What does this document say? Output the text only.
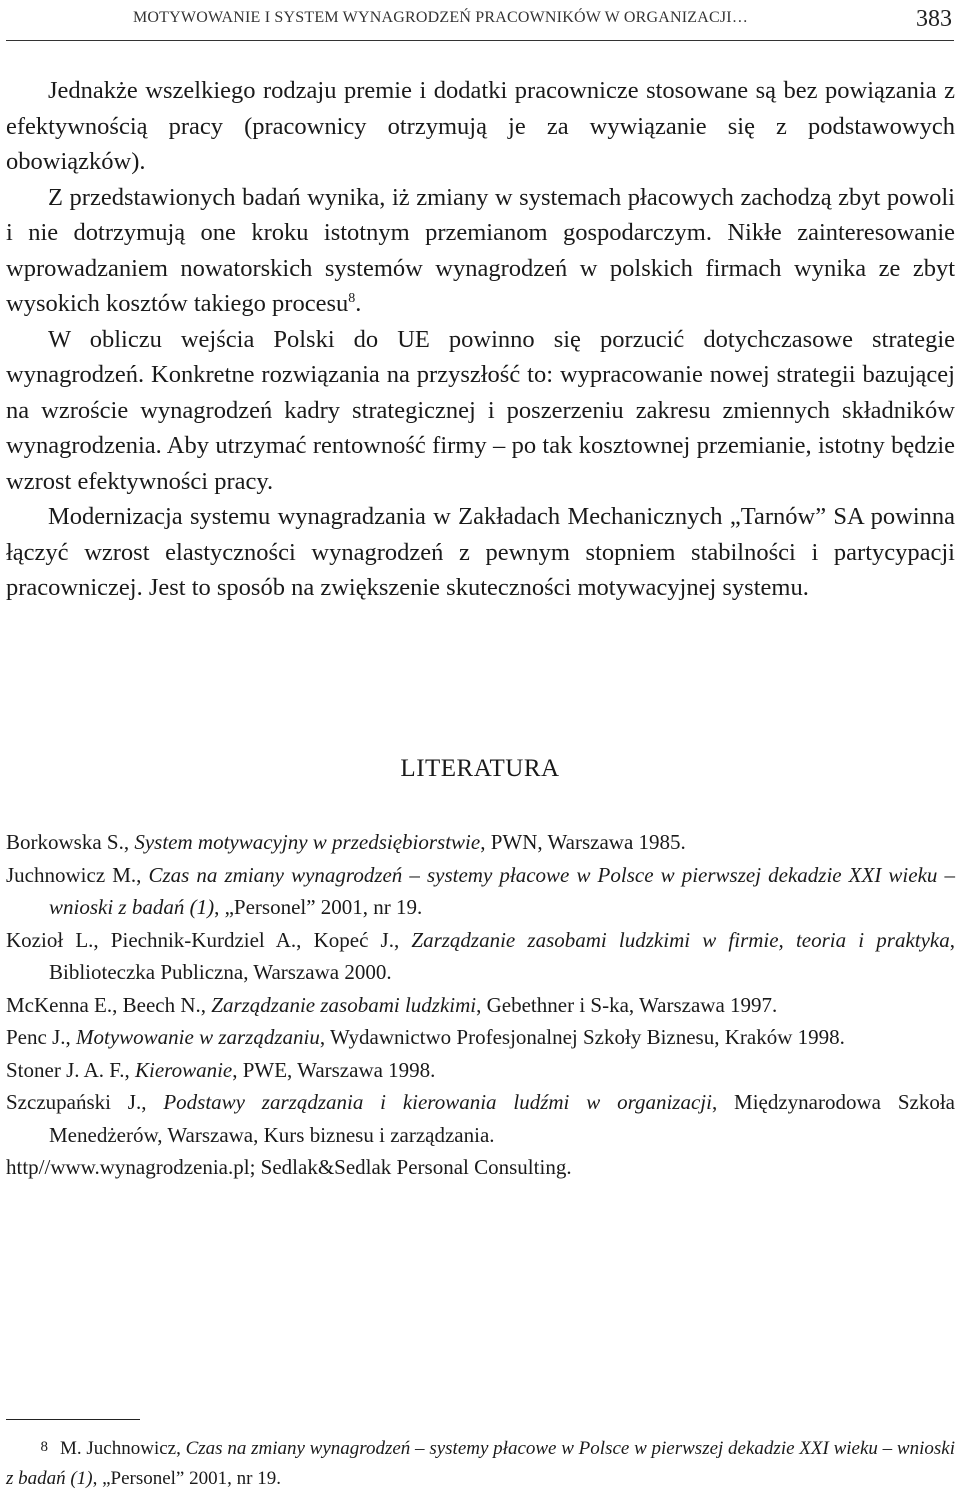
MOTYWOWANIE I SYSTEM WYNAGRODZEŃ PRACOWNIKÓW W ORGANIZACJI…	383

Jednakże wszelkiego rodzaju premie i dodatki pracownicze stosowane są bez powiązania z efektywnością pracy (pracownicy otrzymują je za wywiązanie się z podstawowych obowiązków).

Z przedstawionych badań wynika, iż zmiany w systemach płacowych zachodzą zbyt powoli i nie dotrzymują one kroku istotnym przemianom gospodarczym. Nikłe zainteresowanie wprowadzaniem nowatorskich systemów wynagrodzeń w polskich firmach wynika ze zbyt wysokich kosztów takiego procesu$^8$.

W obliczu wejścia Polski do UE powinno się porzucić dotychczasowe strategie wynagrodzeń. Konkretne rozwiązania na przyszłość to: wypracowanie nowej strategii bazującej na wzroście wynagrodzeń kadry strategicznej i poszerzeniu zakresu zmiennych składników wynagrodzenia. Aby utrzymać rentowność firmy – po tak kosztownej przemianie, istotny będzie wzrost efektywności pracy.

Modernizacja systemu wynagradzania w Zakładach Mechanicznych „Tarnów” SA powinna łączyć wzrost elastyczności wynagrodzeń z pewnym stopniem stabilności i partycypacji pracowniczej. Jest to sposób na zwiększenie skuteczności motywacyjnej systemu.

LITERATURA
Borkowska S., System motywacyjny w przedsiębiorstwie, PWN, Warszawa 1985.
Juchnowicz M., Czas na zmiany wynagrodzeń – systemy płacowe w Polsce w pierwszej dekadzie XXI wieku – wnioski z badań (1), „Personel” 2001, nr 19.
Kozioł L., Piechnik-Kurdziel A., Kopeć J., Zarządzanie zasobami ludzkimi w firmie, teoria i praktyka, Biblioteczka Publiczna, Warszawa 2000.
McKenna E., Beech N., Zarządzanie zasobami ludzkimi, Gebethner i S-ka, Warszawa 1997.
Penc J., Motywowanie w zarządzaniu, Wydawnictwo Profesjonalnej Szkoły Biznesu, Kraków 1998.
Stoner J. A. F., Kierowanie, PWE, Warszawa 1998.
Szczupański J., Podstawy zarządzania i kierowania ludźmi w organizacji, Międzynarodowa Szkoła Menedżerów, Warszawa, Kurs biznesu i zarządzania.
http//www.wynagrodzenia.pl; Sedlak&Sedlak Personal Consulting.
8 M. Juchnowicz, Czas na zmiany wynagrodzeń – systemy płacowe w Polsce w pierwszej dekadzie XXI wieku – wnioski z badań (1), „Personel” 2001, nr 19.
